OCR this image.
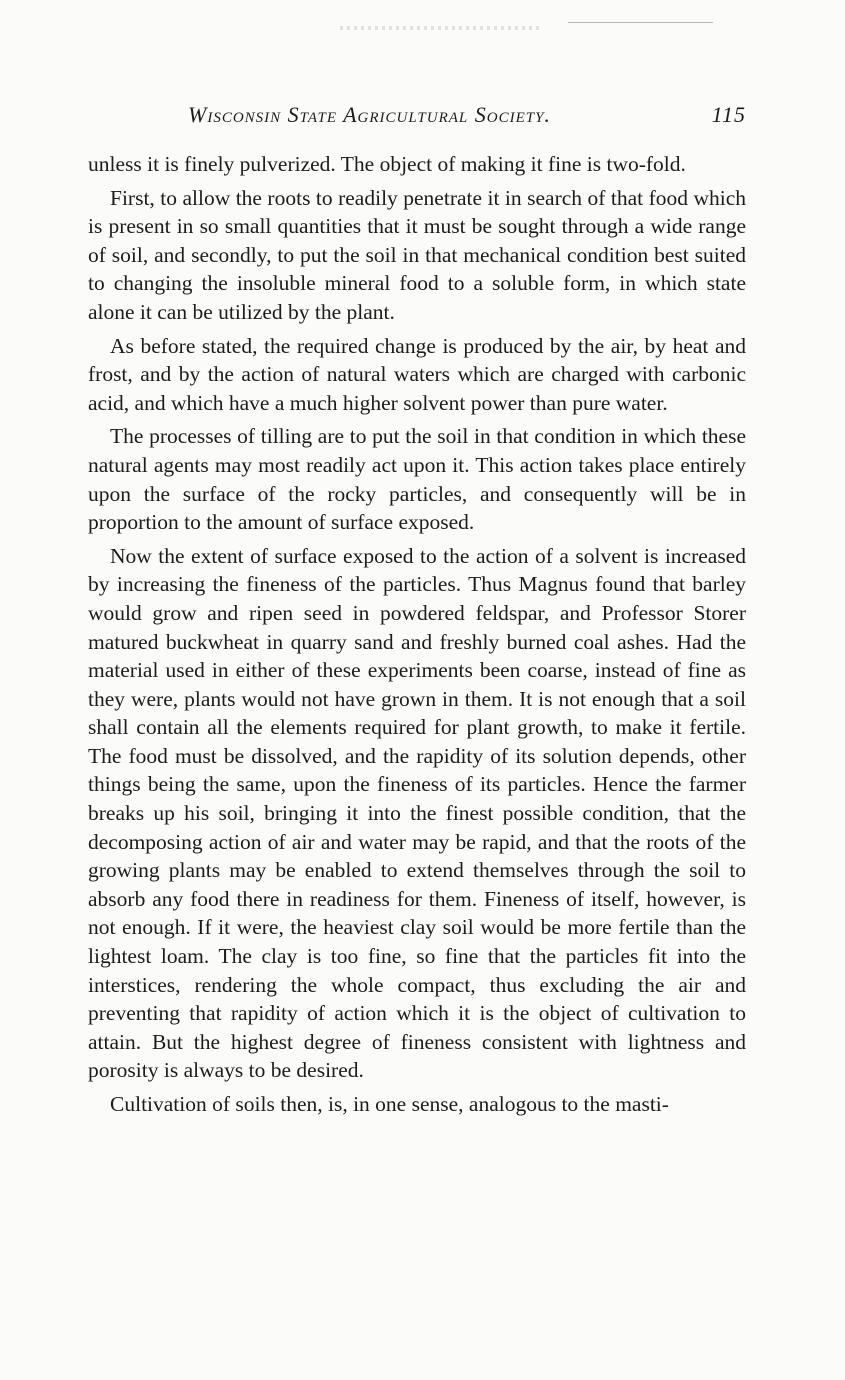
Wisconsin State Agricultural Society.	115

unless it is finely pulverized. The object of making it fine is two-fold.

First, to allow the roots to readily penetrate it in search of that food which is present in so small quantities that it must be sought through a wide range of soil, and secondly, to put the soil in that mechanical condition best suited to changing the insoluble mineral food to a soluble form, in which state alone it can be utilized by the plant.

As before stated, the required change is produced by the air, by heat and frost, and by the action of natural waters which are charged with carbonic acid, and which have a much higher solvent power than pure water.

The processes of tilling are to put the soil in that condition in which these natural agents may most readily act upon it. This action takes place entirely upon the surface of the rocky particles, and consequently will be in proportion to the amount of surface exposed.

Now the extent of surface exposed to the action of a solvent is increased by increasing the fineness of the particles. Thus Magnus found that barley would grow and ripen seed in powdered feldspar, and Professor Storer matured buckwheat in quarry sand and freshly burned coal ashes. Had the material used in either of these experiments been coarse, instead of fine as they were, plants would not have grown in them. It is not enough that a soil shall contain all the elements required for plant growth, to make it fertile. The food must be dissolved, and the rapidity of its solution depends, other things being the same, upon the fineness of its particles. Hence the farmer breaks up his soil, bringing it into the finest possible condition, that the decomposing action of air and water may be rapid, and that the roots of the growing plants may be enabled to extend themselves through the soil to absorb any food there in readiness for them. Fineness of itself, however, is not enough. If it were, the heaviest clay soil would be more fertile than the lightest loam. The clay is too fine, so fine that the particles fit into the interstices, rendering the whole compact, thus excluding the air and preventing that rapidity of action which it is the object of cultivation to attain. But the highest degree of fineness consistent with lightness and porosity is always to be desired.

Cultivation of soils then, is, in one sense, analogous to the masti-
